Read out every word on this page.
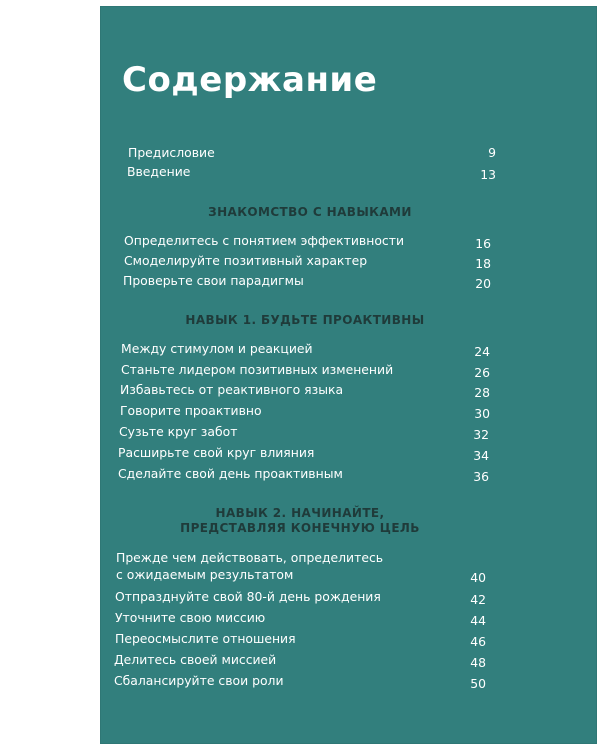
Содержание
Предисловие	9
Введение	13
ЗНАКОМСТВО С НАВЫКАМИ
Определитесь с понятием эффективности	16
Смоделируйте позитивный характер	18
Проверьте свои парадигмы	20
НАВЫК 1. БУДЬТЕ ПРОАКТИВНЫ
Между стимулом и реакцией	24
Станьте лидером позитивных изменений	26
Избавьтесь от реактивного языка	28
Говорите проактивно	30
Сузьте круг забот	32
Расширьте свой круг влияния	34
Сделайте свой день проактивным	36
НАВЫК 2. НАЧИНАЙТЕ,
ПРЕДСТАВЛЯЯ КОНЕЧНУЮ ЦЕЛЬ
Прежде чем действовать, определитесь
с ожидаемым результатом	40
Отпразднуйте свой 80-й день рождения	42
Уточните свою миссию	44
Переосмыслите отношения	46
Делитесь своей миссией	48
Сбалансируйте свои роли	50
